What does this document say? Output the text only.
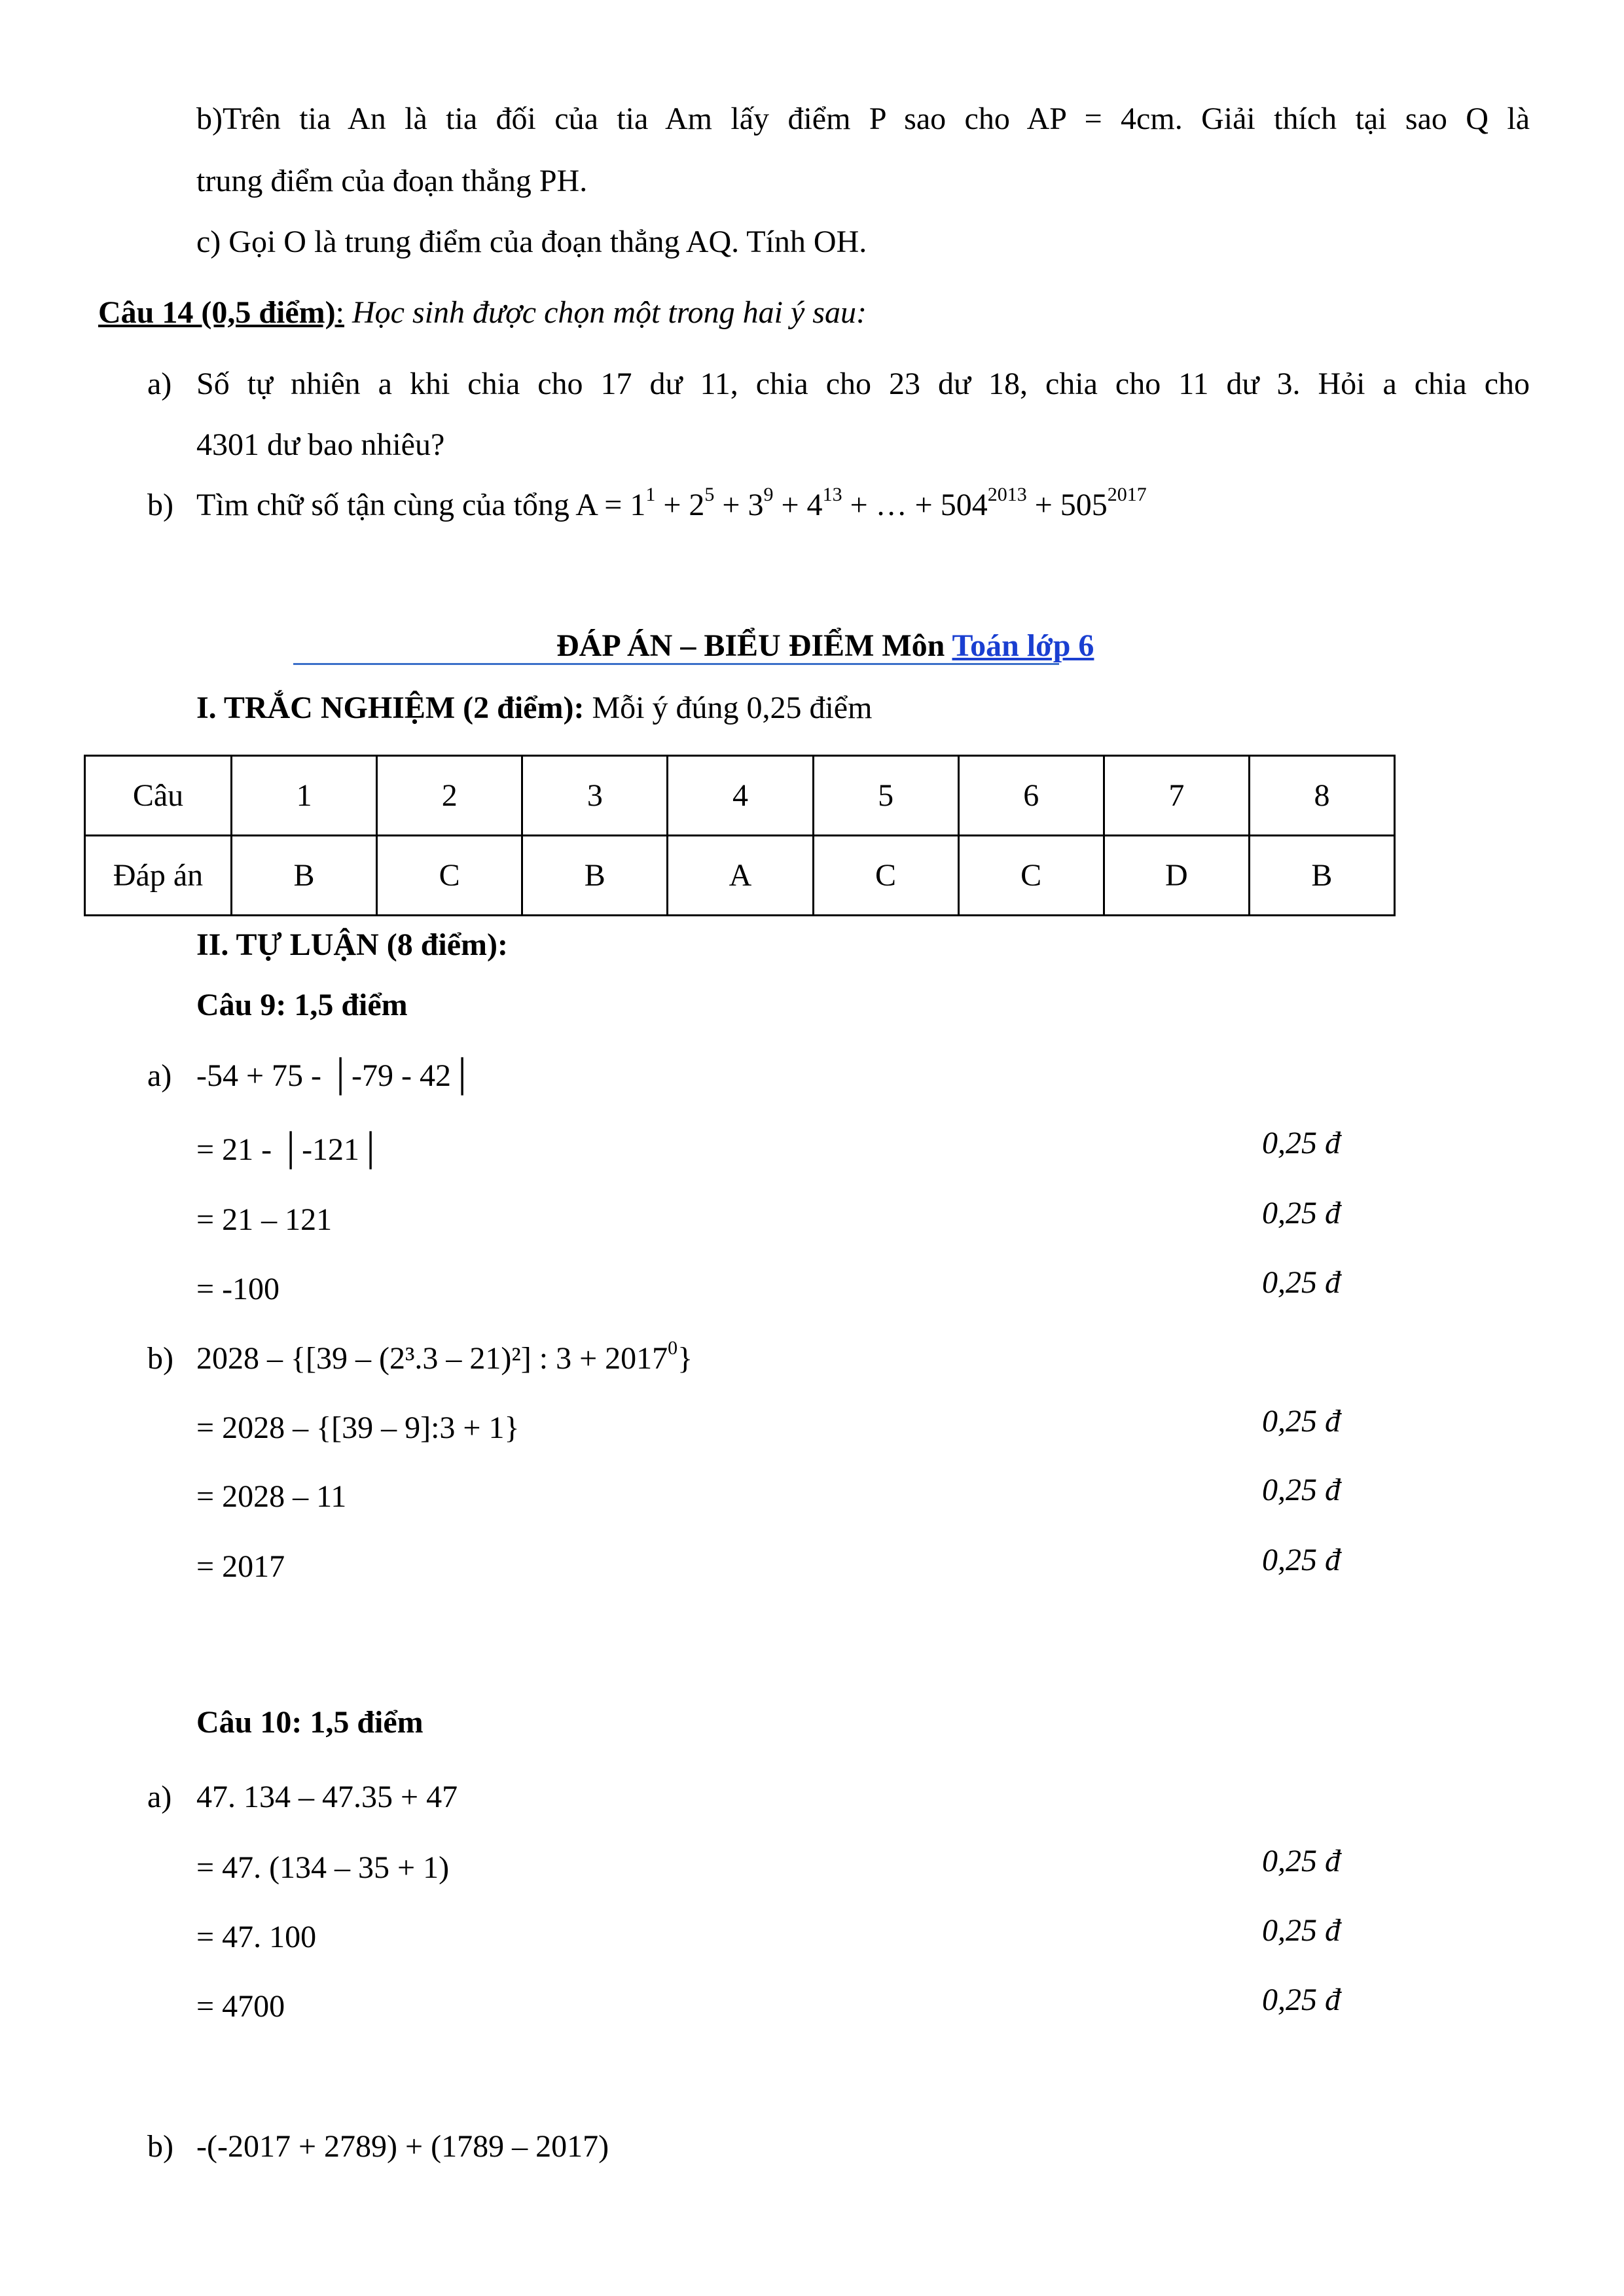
b)Trên tia An là tia đối của tia Am lấy điểm P sao cho AP = 4cm. Giải thích tại sao Q là
trung điểm của đoạn thẳng PH.
c) Gọi O là trung điểm của đoạn thẳng AQ. Tính OH.
Câu 14 (0,5 điểm): Học sinh được chọn một trong hai ý sau:
a) Số tự nhiên a khi chia cho 17 dư 11, chia cho 23 dư 18, chia cho 11 dư 3. Hỏi a chia cho
4301 dư bao nhiêu?
b) Tìm chữ số tận cùng của tổng $A = 1^1 + 2^5 + 3^9 + 4^{13}$ + … + $504^{2013} + 505^{2017}$
ĐÁP ÁN – BIỂU ĐIỂM Môn Toán lớp 6
I. TRẮC NGHIỆM (2 điểm): Mỗi ý đúng 0,25 điểm
Câu	1	2	3	4	5	6	7	8
Đáp án	B	C	B	A	C	C	D	B
II. TỰ LUẬN (8 điểm):
Câu 9: 1,5 điểm
a) -54 + 75 - │-79 - 42│
= 21 - │-121│	0,25 đ
= 21 – 121	0,25 đ
= -100	0,25 đ
b) 2028 – {[39 – (2³.3 – 21)²] : $3 + 2017^0$}
= 2028 – {[39 – 9]:3 + 1}	0,25 đ
= 2028 – 11	0,25 đ
= 2017	0,25 đ
Câu 10: 1,5 điểm
a) 47. 134 – 47.35 + 47
= 47. (134 – 35 + 1)	0,25 đ
= 47. 100	0,25 đ
= 4700	0,25 đ
b) -(-2017 + 2789) + (1789 – 2017)
